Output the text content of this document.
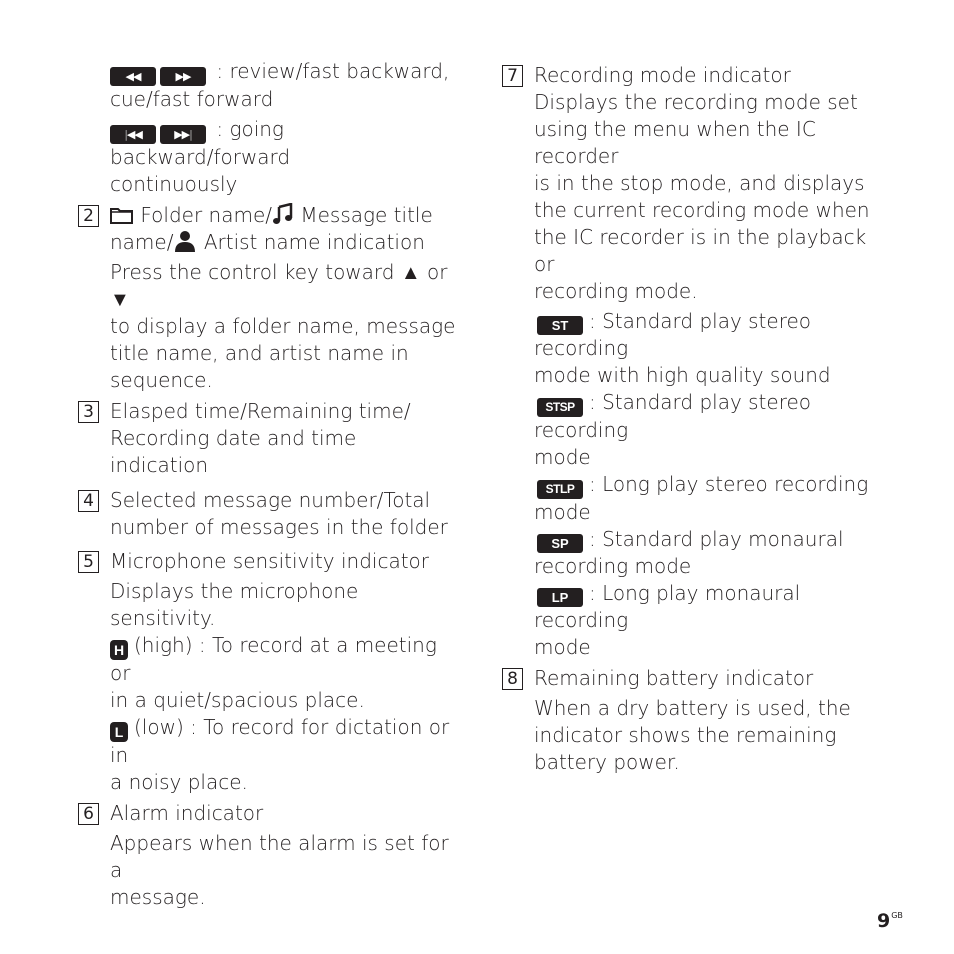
◀◀	▶▶ : review/fast backward,
cue/fast forward

|◀◀	▶▶| : going backward/forward
continuously

2	Folder name/ Message title
name/ Artist name indication

Press the control key toward ▲ or ▼
to display a folder name, message
title name, and artist name in
sequence.

3 Elasped time/Remaining time/
Recording date and time indication

4 Selected message number/Total
number of messages in the folder

5 Microphone sensitivity indicator

Displays the microphone sensitivity.

H (high) : To record at a meeting or
in a quiet/spacious place.

L (low) : To record for dictation or in
a noisy place.

6 Alarm indicator

Appears when the alarm is set for a
message.

7 Recording mode indicator

Displays the recording mode set
using the menu when the IC recorder
is in the stop mode, and displays
the current recording mode when
the IC recorder is in the playback or
recording mode.

ST : Standard play stereo recording
mode with high quality sound

STSP : Standard play stereo recording
mode

STLP : Long play stereo recording
mode

SP : Standard play monaural
recording mode

LP : Long play monaural recording
mode

8 Remaining battery indicator

When a dry battery is used, the
indicator shows the remaining
battery power.

$9^{GB}$
